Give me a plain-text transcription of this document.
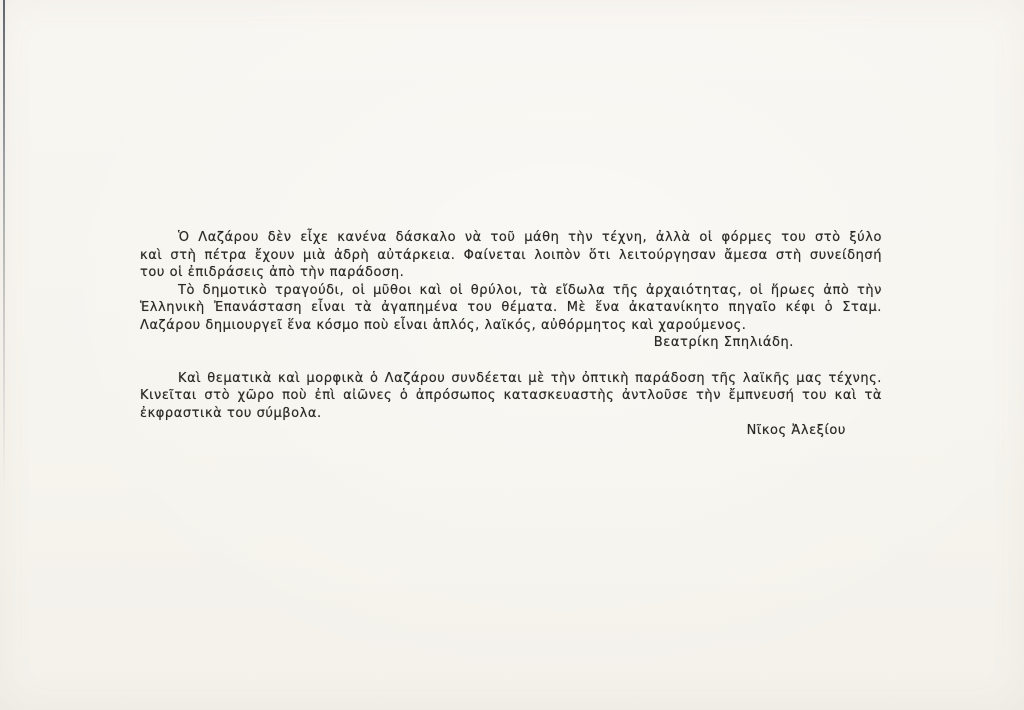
Ὁ Λαζάρου δὲν εἶχε κανένα δάσκαλο νὰ τοῦ μάθη τὴν τέχνη, ἀλλὰ οἱ φόρμες του στὸ ξύλο
καὶ στὴ πέτρα ἔχουν μιὰ ἀδρὴ αὐτάρκεια. Φαίνεται λοιπὸν ὅτι λειτούργησαν ἄμεσα στὴ συνείδησή
του οἱ ἐπιδράσεις ἀπὸ τὴν παράδοση.
Τὸ δημοτικὸ τραγούδι, οἱ μῦθοι καὶ οἱ θρύλοι, τὰ εἴδωλα τῆς ἀρχαιότητας, οἱ ἥρωες ἀπὸ τὴν
Ἑλληνικὴ Ἐπανάσταση εἶναι τὰ ἀγαπημένα του θέματα. Μὲ ἕνα ἀκατανίκητο πηγαῖο κέφι ὁ Σταμ.
Λαζάρου δημιουργεῖ ἕνα κόσμο ποὺ εἶναι ἁπλός, λαϊκός, αὐθόρμητος καὶ χαρούμενος.
Βεατρίκη Σπηλιάδη.
Καὶ θεματικὰ καὶ μορφικὰ ὁ Λαζάρου συνδέεται μὲ τὴν ὀπτικὴ παράδοση τῆς λαϊκῆς μας τέχνης.
Κινεῖται στὸ χῶρο ποὺ ἐπὶ αἰῶνες ὁ ἀπρόσωπος κατασκευαστὴς ἀντλοῦσε τὴν ἔμπνευσή του καὶ τὰ
ἐκφραστικὰ του σύμβολα.
Νῖκος Ἀλεξίου
